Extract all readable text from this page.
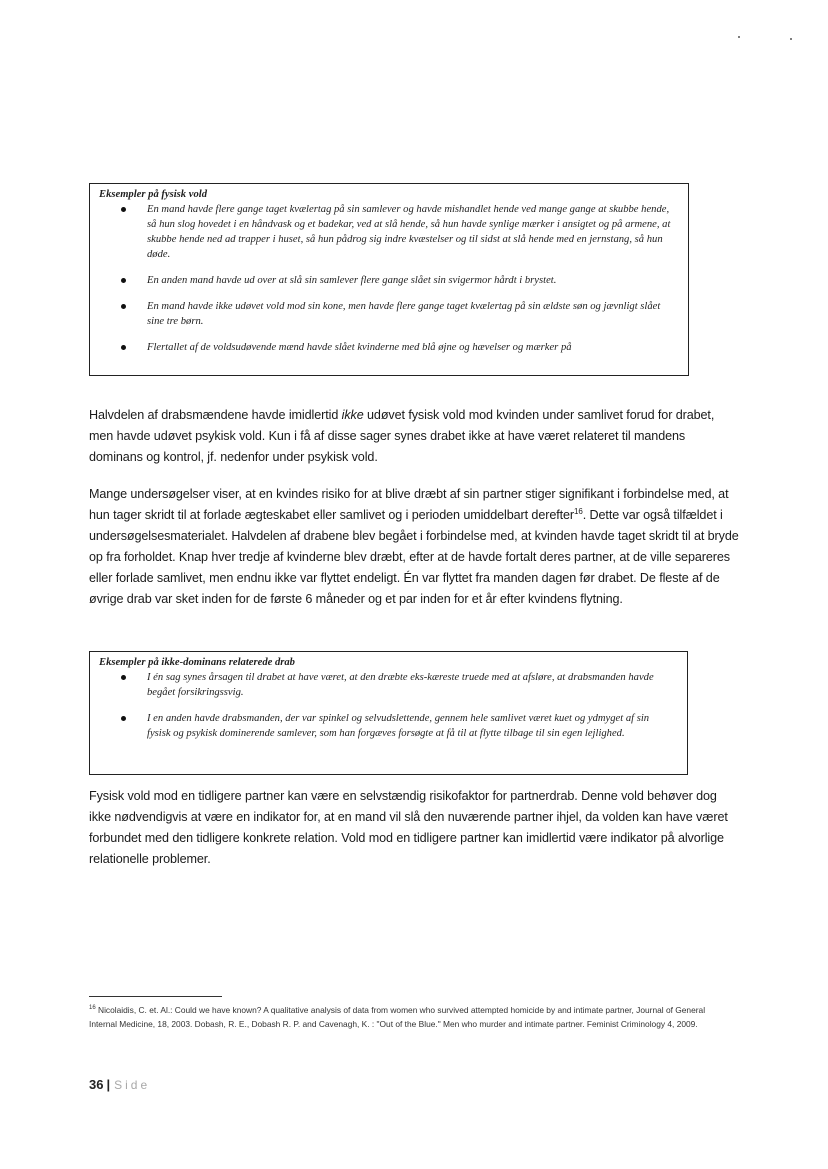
Eksempler på fysisk vold
En mand havde flere gange taget kvælertag på sin samlever og havde mishandlet hende ved mange gange at skubbe hende, så hun slog hovedet i en håndvask og et badekar, ved at slå hende, så hun havde synlige mærker i ansigtet og på armene, at skubbe hende ned ad trapper i huset, så hun pådrog sig indre kvæstelser og til sidst at slå hende med en jernstang, så hun døde.
En anden mand havde ud over at slå sin samlever flere gange slået sin svigermor hårdt i brystet.
En mand havde ikke udøvet vold mod sin kone, men havde flere gange taget kvælertag på sin ældste søn og jævnligt slået sine tre børn.
Flertallet af de voldsudøvende mænd havde slået kvinderne med blå øjne og hævelser og mærker på

Halvdelen af drabsmændene havde imidlertid ikke udøvet fysisk vold mod kvinden under samlivet forud for drabet, men havde udøvet psykisk vold. Kun i få af disse sager synes drabet ikke at have været relateret til mandens dominans og kontrol, jf. nedenfor under psykisk vold.

Mange undersøgelser viser, at en kvindes risiko for at blive dræbt af sin partner stiger signifikant i forbindelse med, at hun tager skridt til at forlade ægteskabet eller samlivet og i perioden umiddelbart derefter$^{16}$. Dette var også tilfældet i undersøgelsesmaterialet. Halvdelen af drabene blev begået i forbindelse med, at kvinden havde taget skridt til at bryde op fra forholdet. Knap hver tredje af kvinderne blev dræbt, efter at de havde fortalt deres partner, at de ville separeres eller forlade samlivet, men endnu ikke var flyttet endeligt. Én var flyttet fra manden dagen før drabet. De fleste af de øvrige drab var sket inden for de første 6 måneder og et par inden for et år efter kvindens flytning.

Eksempler på ikke-dominans relaterede drab
I én sag synes årsagen til drabet at have været, at den dræbte eks-kæreste truede med at afsløre, at drabsmanden havde begået forsikringssvig.
I en anden havde drabsmanden, der var spinkel og selvudslettende, gennem hele samlivet været kuet og ydmyget af sin fysisk og psykisk dominerende samlever, som han forgæves forsøgte at få til at flytte tilbage til sin egen lejlighed.

Fysisk vold mod en tidligere partner kan være en selvstændig risikofaktor for partnerdrab. Denne vold behøver dog ikke nødvendigvis at være en indikator for, at en mand vil slå den nuværende partner ihjel, da volden kan have været forbundet med den tidligere konkrete relation. Vold mod en tidligere partner kan imidlertid være indikator på alvorlige relationelle problemer.

$^{16}$ Nicolaidis, C. et. Al.: Could we have known? A qualitative analysis of data from women who survived attempted homicide by and intimate partner, Journal of General Internal Medicine, 18, 2003. Dobash, R. E., Dobash R. P. and Cavenagh, K. : "Out of the Blue." Men who murder and intimate partner. Feminist Criminology 4, 2009.

36 | Side
